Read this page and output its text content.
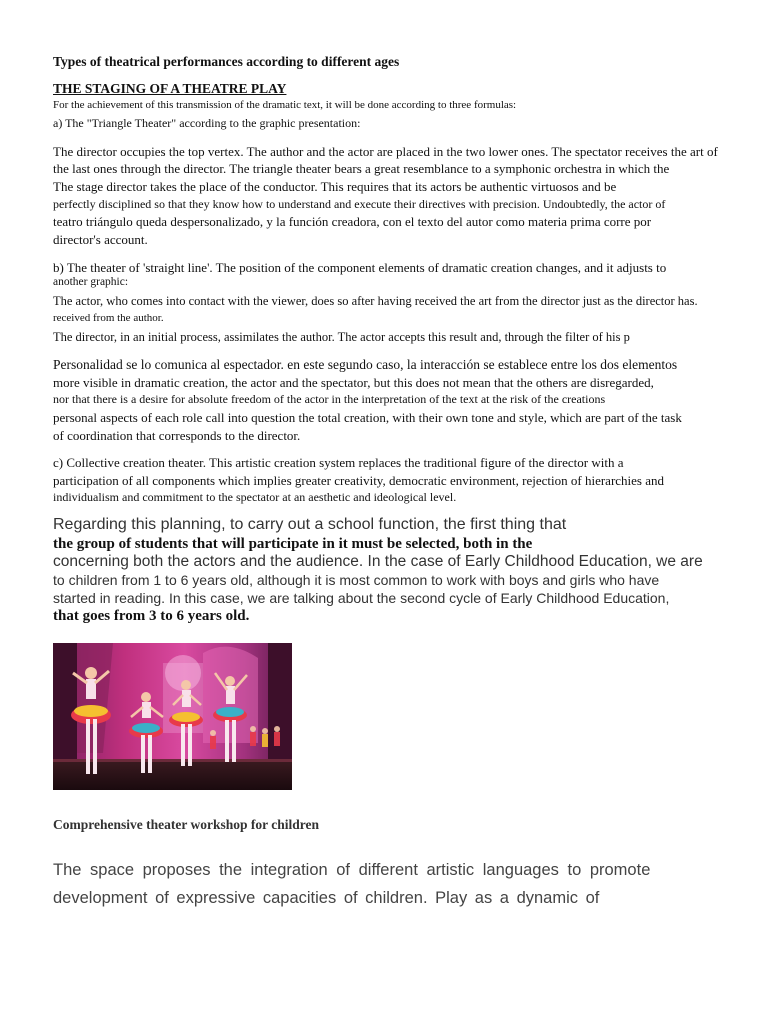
Types of theatrical performances according to different ages
THE STAGING OF A THEATRE PLAY
For the achievement of this transmission of the dramatic text, it will be done according to three formulas:
a) The "Triangle Theater" according to the graphic presentation:
The director occupies the top vertex. The author and the actor are placed in the two lower ones. The spectator receives the art of
the last ones through the director. The triangle theater bears a great resemblance to a symphonic orchestra in which the
The stage director takes the place of the conductor. This requires that its actors be authentic virtuosos and be
perfectly disciplined so that they know how to understand and execute their directives with precision. Undoubtedly, the actor of
teatro triángulo queda despersonalizado, y la función creadora, con el texto del autor como materia prima corre por
director's account.
b) The theater of 'straight line'. The position of the component elements of dramatic creation changes, and it adjusts to
another graphic:
The actor, who comes into contact with the viewer, does so after having received the art from the director just as the director has.
received from the author.
The director, in an initial process, assimilates the author. The actor accepts this result and, through the filter of his p
Personalidad se lo comunica al espectador. en este segundo caso, la interacción se establece entre los dos elementos
more visible in dramatic creation, the actor and the spectator, but this does not mean that the others are disregarded,
nor that there is a desire for absolute freedom of the actor in the interpretation of the text at the risk of the creations
personal aspects of each role call into question the total creation, with their own tone and style, which are part of the task
of coordination that corresponds to the director.
c) Collective creation theater. This artistic creation system replaces the traditional figure of the director with a
participation of all components which implies greater creativity, democratic environment, rejection of hierarchies and
individualism and commitment to the spectator at an aesthetic and ideological level.
Regarding this planning, to carry out a school function, the first thing that
the group of students that will participate in it must be selected, both in the
concerning both the actors and the audience. In the case of Early Childhood Education, we are
to children from 1 to 6 years old, although it is most common to work with boys and girls who have
started in reading. In this case, we are talking about the second cycle of Early Childhood Education,
that goes from 3 to 6 years old.
Comprehensive theater workshop for children
The space proposes the integration of different artistic languages to promote
development of expressive capacities of children. Play as a dynamic of
